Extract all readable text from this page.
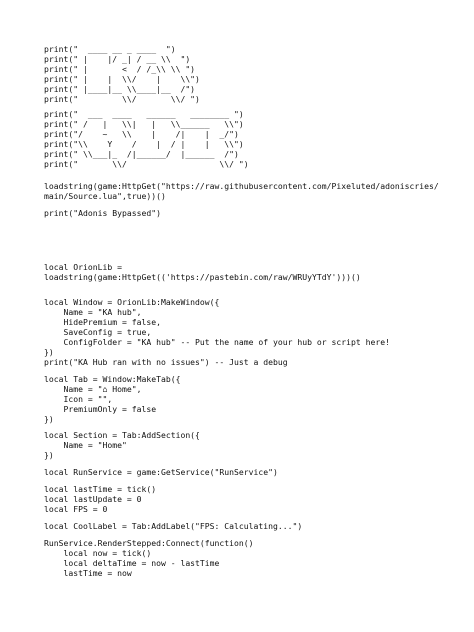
print("  ____ __ _ ____  ")
print(" |    |/ _| / __ \\  ")
print(" |       <  / /_\\ \\ ")
print(" |    |  \\/    |    \\")
print(" |____|__ \\____|__  /")
print("         \\/       \\/ ")
print("  ___  ____   ______   ________ ")
print(" /   |   \\|   |   \\______   \\")
print("/    ~   \\    |    /|    |  _/")
print("\\    Y    /    |  / |    |   \\")
print(" \\___|_  /|______/  |______  /")
print("       \\/                   \\/ ")
loadstring(game:HttpGet("https://raw.githubusercontent.com/Pixeluted/adoniscries/
main/Source.lua",true))()
print("Adonis Bypassed")
local OrionLib =
loadstring(game:HttpGet(('https://pastebin.com/raw/WRUyYTdY')))()
local Window = OrionLib:MakeWindow({
Name = "KA hub",
HidePremium = false,
SaveConfig = true,
ConfigFolder = "KA hub" -- Put the name of your hub or script here!
})
print("KA Hub ran with no issues") -- Just a debug
local Tab = Window:MakeTab({
Name = "⌂ Home",
Icon = "",
PremiumOnly = false
})
local Section = Tab:AddSection({
Name = "Home"
})
local RunService = game:GetService("RunService")
local lastTime = tick()
local lastUpdate = 0
local FPS = 0
local CoolLabel = Tab:AddLabel("FPS: Calculating...")
RunService.RenderStepped:Connect(function()
local now = tick()
local deltaTime = now - lastTime
lastTime = now
